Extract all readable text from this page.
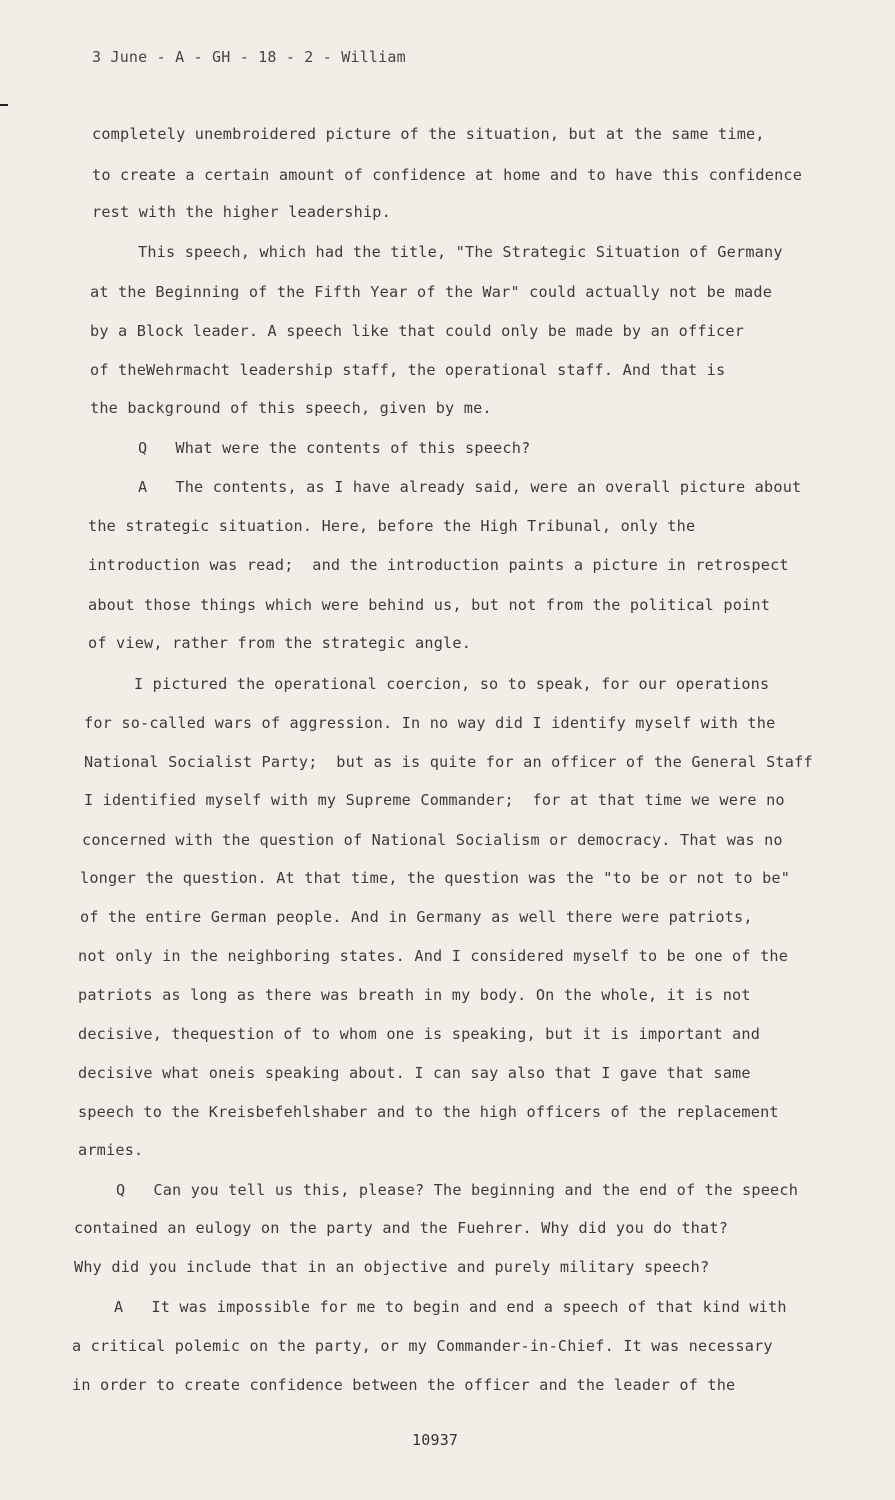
3 June - A - GH - 18 - 2 - William
completely unembroidered picture of the situation, but at the same time,
to create a certain amount of confidence at home and to have this confidence
rest with the higher leadership.
This speech, which had the title, "The Strategic Situation of Germany
at the Beginning of the Fifth Year of the War" could actually not be made
by a Block leader. A speech like that could only be made by an officer
of theWehrmacht leadership staff, the operational staff. And that is
the background of this speech, given by me.
Q   What were the contents of this speech?
A   The contents, as I have already said, were an overall picture about
the strategic situation. Here, before the High Tribunal, only the
introduction was read;  and the introduction paints a picture in retrospect
about those things which were behind us, but not from the political point
of view, rather from the strategic angle.
I pictured the operational coercion, so to speak, for our operations
for so-called wars of aggression. In no way did I identify myself with the
National Socialist Party;  but as is quite for an officer of the General Staff
I identified myself with my Supreme Commander;  for at that time we were no
concerned with the question of National Socialism or democracy. That was no
longer the question. At that time, the question was the "to be or not to be"
of the entire German people. And in Germany as well there were patriots,
not only in the neighboring states. And I considered myself to be one of the
patriots as long as there was breath in my body. On the whole, it is not
decisive, thequestion of to whom one is speaking, but it is important and
decisive what oneis speaking about. I can say also that I gave that same
speech to the Kreisbefehlshaber and to the high officers of the replacement
armies.
Q   Can you tell us this, please? The beginning and the end of the speech
contained an eulogy on the party and the Fuehrer. Why did you do that?
Why did you include that in an objective and purely military speech?
A   It was impossible for me to begin and end a speech of that kind with
a critical polemic on the party, or my Commander-in-Chief. It was necessary
in order to create confidence between the officer and the leader of the
10937
